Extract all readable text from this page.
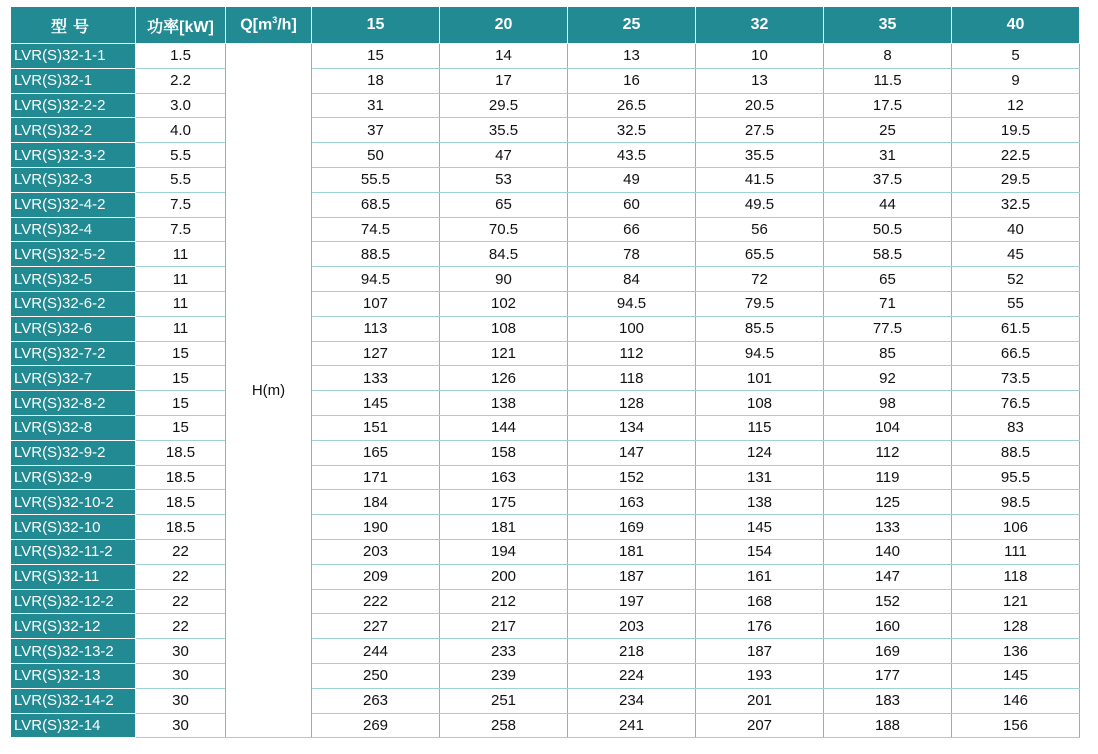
型号	功率[kW]	$Q[m^3/h]$	15	20	25	32	35	40
LVR(S)32-1-1	1.5	H(m)	15	14	13	10	8	5
LVR(S)32-1	2.2		18	17	16	13	11.5	9
LVR(S)32-2-2	3.0		31	29.5	26.5	20.5	17.5	12
LVR(S)32-2	4.0		37	35.5	32.5	27.5	25	19.5
LVR(S)32-3-2	5.5		50	47	43.5	35.5	31	22.5
LVR(S)32-3	5.5		55.5	53	49	41.5	37.5	29.5
LVR(S)32-4-2	7.5		68.5	65	60	49.5	44	32.5
LVR(S)32-4	7.5		74.5	70.5	66	56	50.5	40
LVR(S)32-5-2	11		88.5	84.5	78	65.5	58.5	45
LVR(S)32-5	11		94.5	90	84	72	65	52
LVR(S)32-6-2	11		107	102	94.5	79.5	71	55
LVR(S)32-6	11		113	108	100	85.5	77.5	61.5
LVR(S)32-7-2	15		127	121	112	94.5	85	66.5
LVR(S)32-7	15		133	126	118	101	92	73.5
LVR(S)32-8-2	15		145	138	128	108	98	76.5
LVR(S)32-8	15		151	144	134	115	104	83
LVR(S)32-9-2	18.5		165	158	147	124	112	88.5
LVR(S)32-9	18.5		171	163	152	131	119	95.5
LVR(S)32-10-2	18.5		184	175	163	138	125	98.5
LVR(S)32-10	18.5		190	181	169	145	133	106
LVR(S)32-11-2	22		203	194	181	154	140	111
LVR(S)32-11	22		209	200	187	161	147	118
LVR(S)32-12-2	22		222	212	197	168	152	121
LVR(S)32-12	22		227	217	203	176	160	128
LVR(S)32-13-2	30		244	233	218	187	169	136
LVR(S)32-13	30		250	239	224	193	177	145
LVR(S)32-14-2	30		263	251	234	201	183	146
LVR(S)32-14	30		269	258	241	207	188	156
